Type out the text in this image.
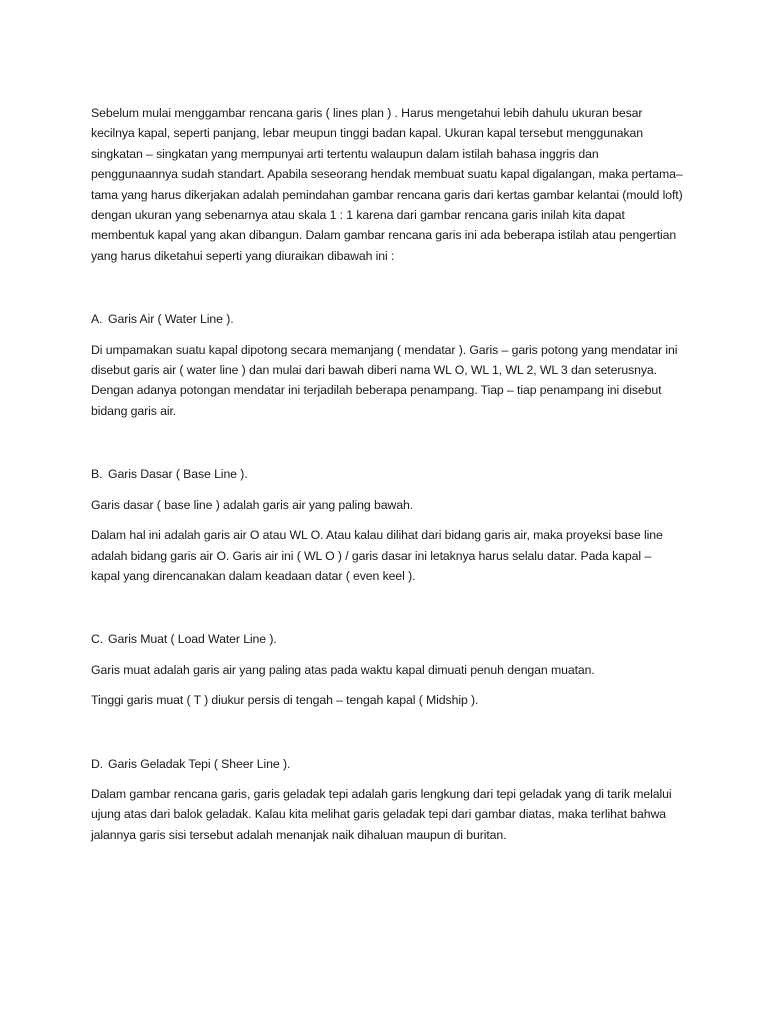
Sebelum mulai menggambar rencana garis ( lines plan ) . Harus mengetahui lebih dahulu ukuran besar kecilnya kapal, seperti panjang, lebar meupun tinggi badan kapal. Ukuran kapal tersebut menggunakan singkatan – singkatan yang mempunyai arti tertentu walaupun dalam istilah bahasa inggris dan penggunaannya sudah standart. Apabila seseorang hendak membuat suatu kapal digalangan, maka pertama–tama yang harus dikerjakan adalah pemindahan gambar rencana garis dari kertas gambar kelantai (mould loft) dengan ukuran yang sebenarnya atau skala 1 : 1 karena dari gambar rencana garis inilah kita dapat membentuk kapal yang akan dibangun. Dalam gambar rencana garis ini ada beberapa istilah atau pengertian yang harus diketahui seperti yang diuraikan dibawah ini :

A. Garis Air ( Water Line ).

Di umpamakan suatu kapal dipotong secara memanjang ( mendatar ). Garis – garis potong yang mendatar ini disebut garis air ( water line ) dan mulai dari bawah diberi nama WL O, WL 1, WL 2, WL 3 dan seterusnya. Dengan adanya potongan mendatar ini terjadilah beberapa penampang. Tiap – tiap penampang ini disebut bidang garis air.

B. Garis Dasar ( Base Line ).

Garis dasar ( base line ) adalah garis air yang paling bawah.

Dalam hal ini adalah garis air O atau WL O. Atau kalau dilihat dari bidang garis air, maka proyeksi base line adalah bidang garis air O. Garis air ini ( WL O ) / garis dasar ini letaknya harus selalu datar. Pada kapal – kapal yang direncanakan dalam keadaan datar ( even keel ).

C. Garis Muat ( Load Water Line ).

Garis muat adalah garis air yang paling atas pada waktu kapal dimuati penuh dengan muatan.

Tinggi garis muat ( T ) diukur persis di tengah – tengah kapal ( Midship ).

D. Garis Geladak Tepi ( Sheer Line ).

Dalam gambar rencana garis, garis geladak tepi adalah garis lengkung dari tepi geladak yang di tarik melalui ujung atas dari balok geladak. Kalau kita melihat garis geladak tepi dari gambar diatas, maka terlihat bahwa jalannya garis sisi tersebut adalah menanjak naik dihaluan maupun di buritan.
